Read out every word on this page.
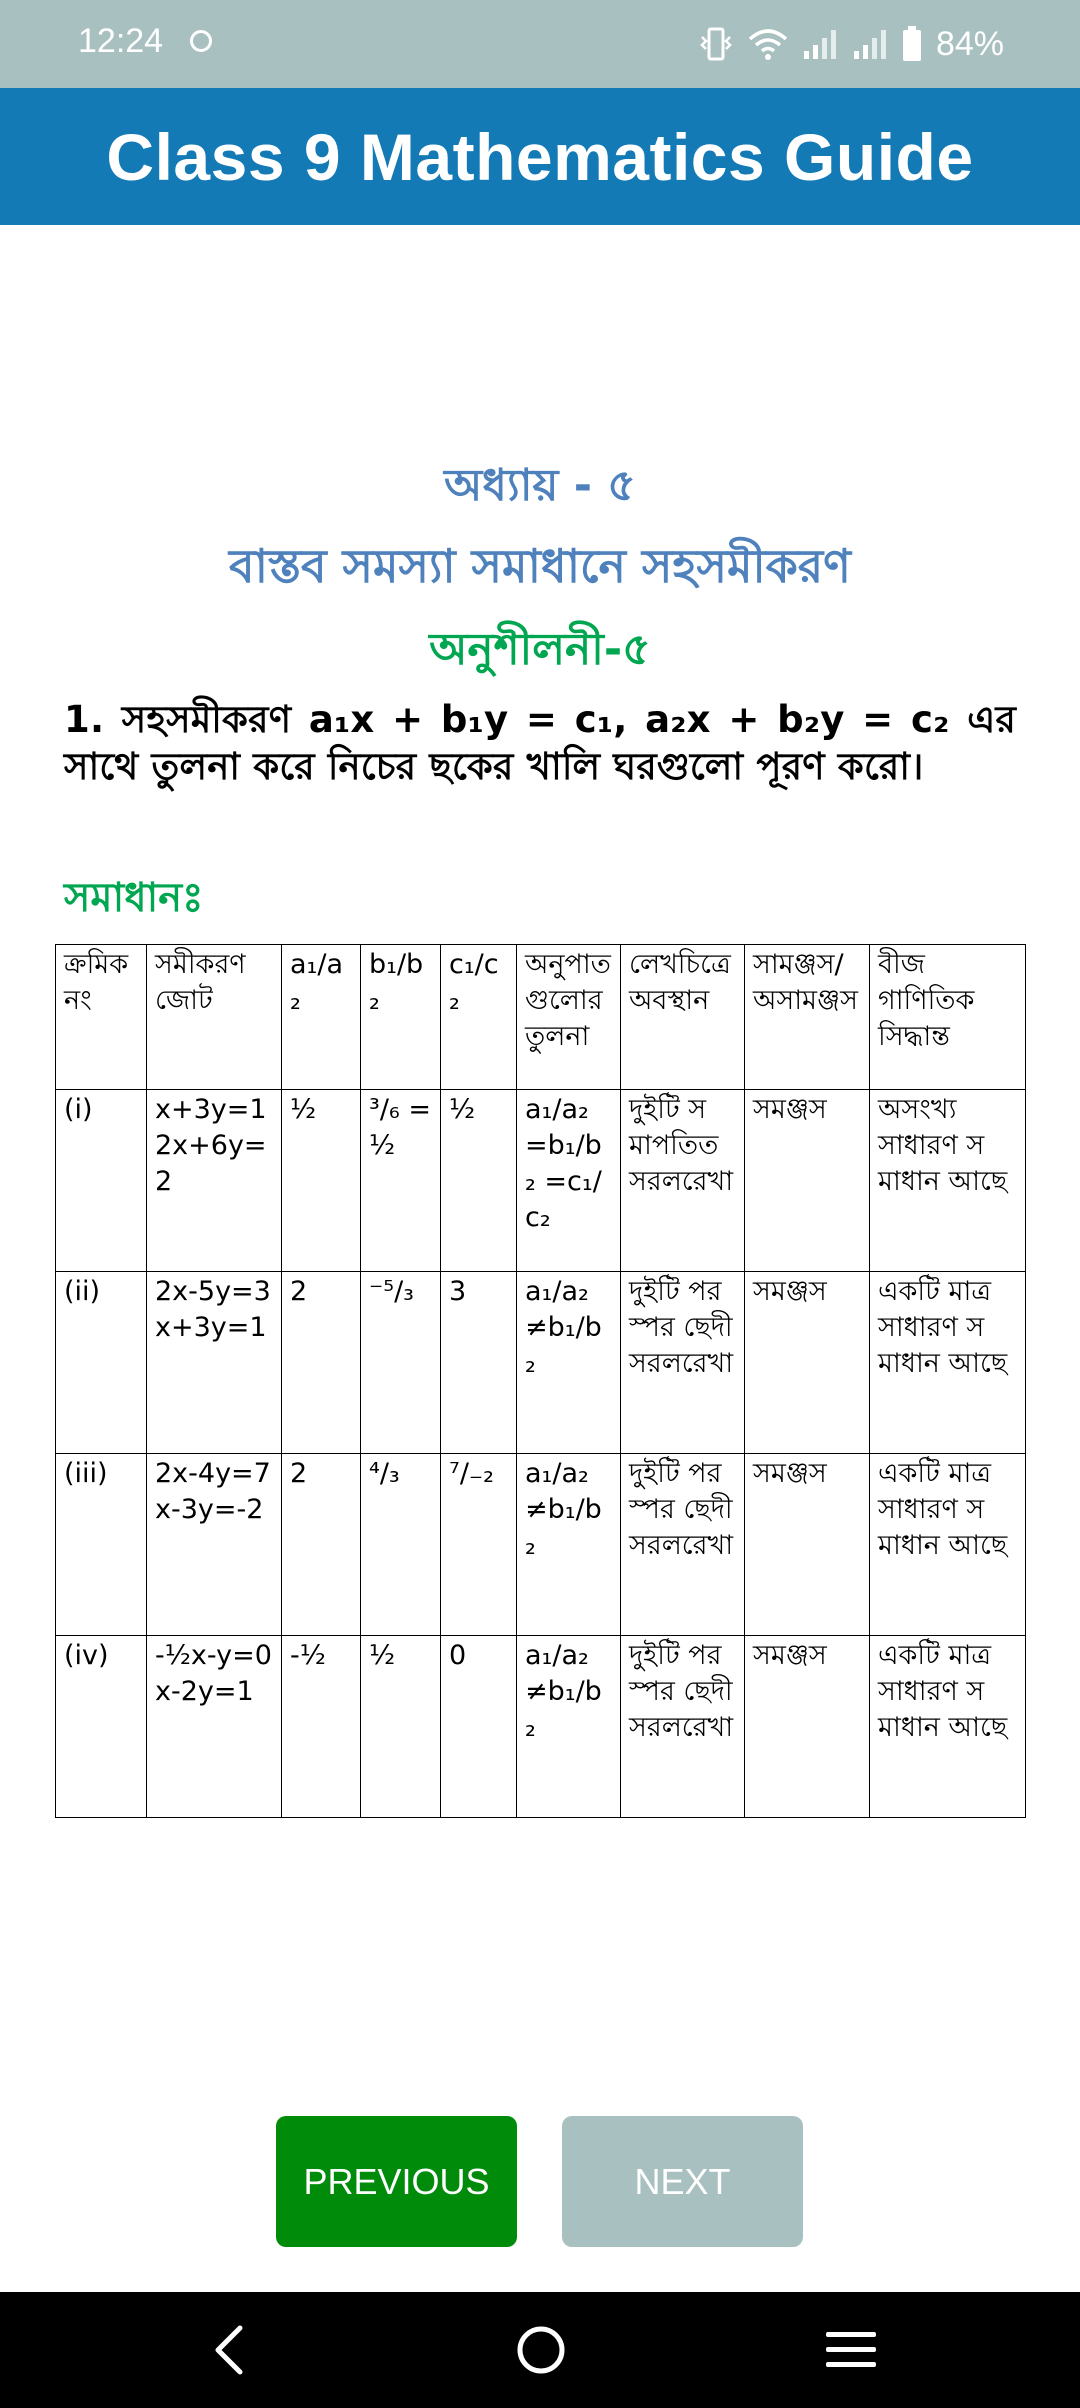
12:24	84%
Class 9 Mathematics Guide
অধ্যায় - ৫
বাস্তব সমস্যা সমাধানে সহসমীকরণ
অনুশীলনী-৫
1. সহসমীকরণ a₁x + b₁y = c₁, a₂x + b₂y = c₂ এর সাথে তুলনা করে নিচের ছকের খালি ঘরগুলো পূরণ করো।
সমাধানঃ
ক্রমিক নং	সমীকরণ জোট	a₁/a₂	b₁/b₂	c₁/c₂	অনুপাত গুলোর তুলনা	লেখচিত্রে অবস্থান	সামঞ্জস/ অসামঞ্জস	বীজগাণিতিক সিদ্ধান্ত
(i)	x+3y=1 2x+6y=2	½	³/₆ = ½	½	a₁/a₂ =b₁/b₂ =c₁/c₂	দুইটি সমাপতিত সরলরেখা	সমঞ্জস	অসংখ্য সাধারণ সমাধান আছে
(ii)	2x-5y=3 x+3y=1	2	⁻⁵/₃	3	a₁/a₂ ≠b₁/b₂	দুইটি পরস্পর ছেদী সরলরেখা	সমঞ্জস	একটি মাত্র সাধারণ সমাধান আছে
(iii)	2x-4y=7 x-3y=-2	2	⁴/₃	⁷/₋₂	a₁/a₂ ≠b₁/b₂	দুইটি পরস্পর ছেদী সরলরেখা	সমঞ্জস	একটি মাত্র সাধারণ সমাধান আছে
(iv)	-½x-y=0 x-2y=1	-½	½	0	a₁/a₂ ≠b₁/b₂	দুইটি পরস্পর ছেদী সরলরেখা	সমঞ্জস	একটি মাত্র সাধারণ সমাধান আছে
PREVIOUS	NEXT
